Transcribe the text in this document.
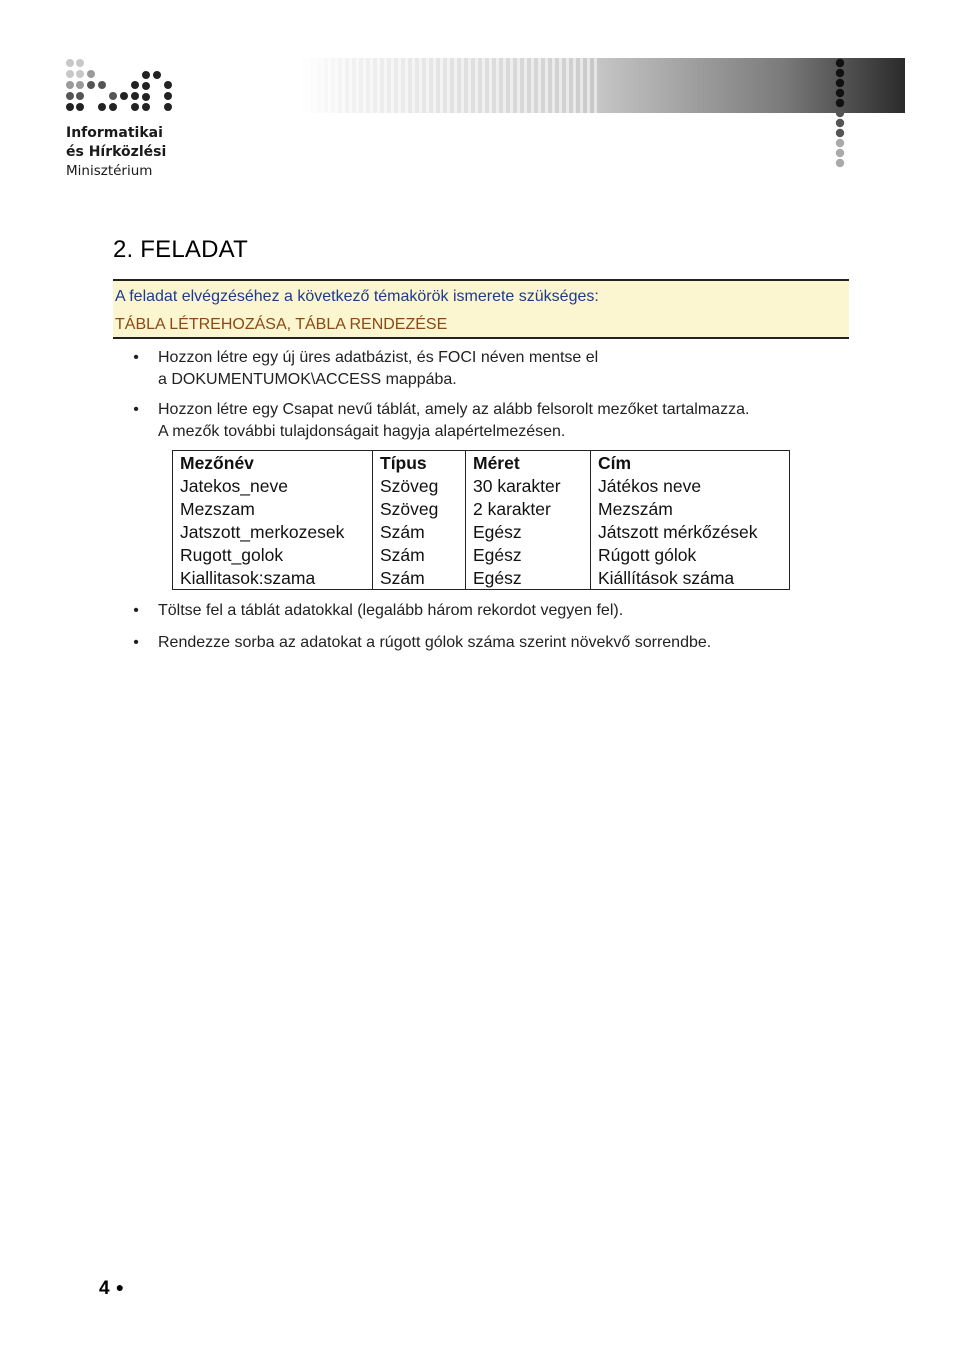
Informatikai
és Hírközlési
Minisztérium
2. FELADAT
A feladat elvégzéséhez a következő témakörök ismerete szükséges:
TÁBLA LÉTREHOZÁSA, TÁBLA RENDEZÉSE
•	Hozzon létre egy új üres adatbázist, és FOCI néven mentse el
a DOKUMENTUMOK\ACCESS mappába.
•	Hozzon létre egy Csapat nevű táblát, amely az alább felsorolt mezőket tartalmazza.
A mezők további tulajdonságait hagyja alapértelmezésen.
•	Töltse fel a táblát adatokkal (legalább három rekordot vegyen fel).
•	Rendezze sorba az adatokat a rúgott gólok száma szerint növekvő sorrendbe.
Mezőnév	Típus	Méret	Cím
Jatekos_neve	Szöveg	30 karakter	Játékos neve
Mezszam	Szöveg	2 karakter	Mezszám
Jatszott_merkozesek	Szám	Egész	Játszott mérkőzések
Rugott_golok	Szám	Egész	Rúgott gólok
Kiallitasok:szama	Szám	Egész	Kiállítások száma
4 ●
